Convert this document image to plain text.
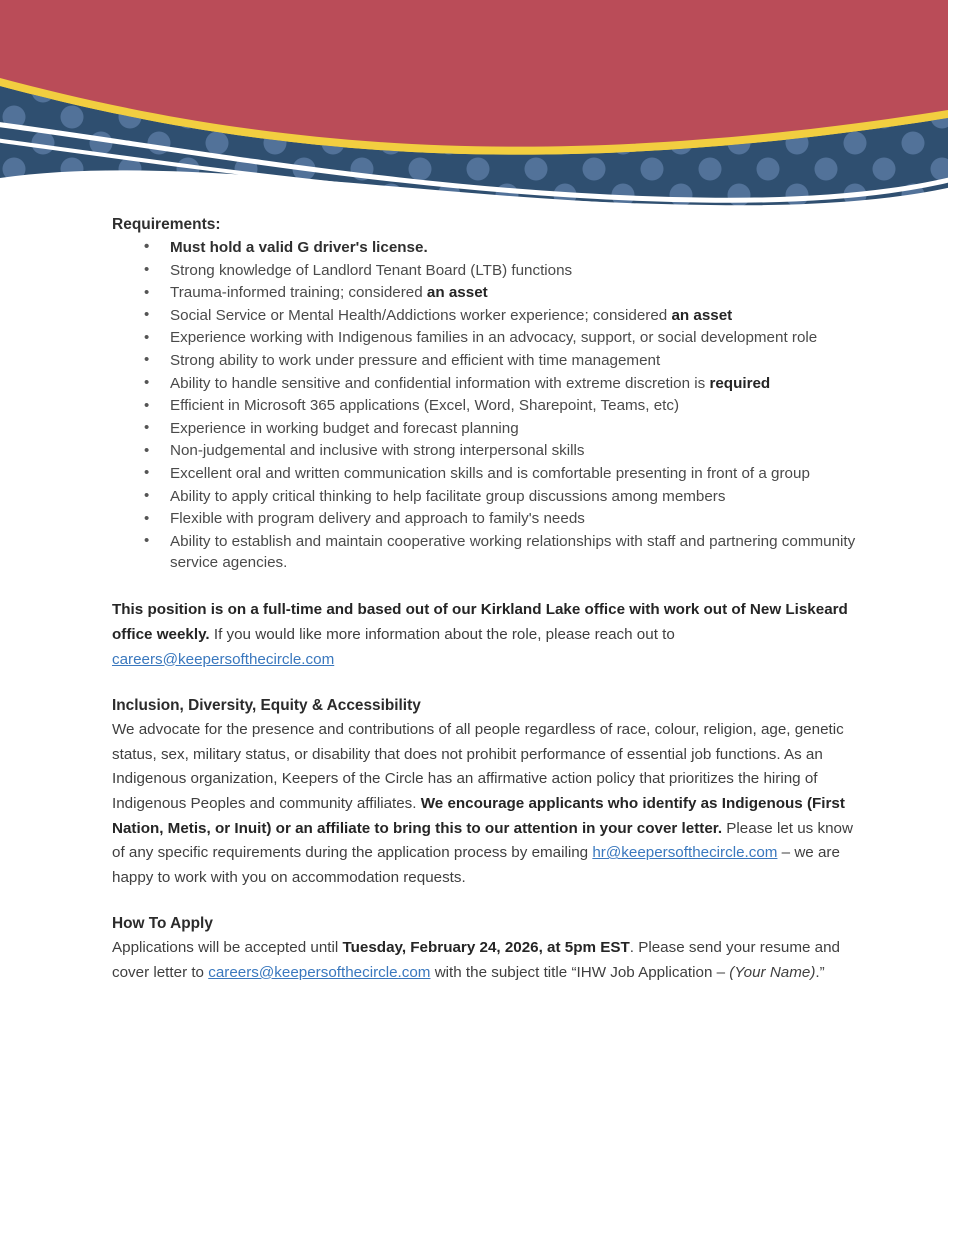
Requirements:
• Must hold a valid G driver's license.
• Strong knowledge of Landlord Tenant Board (LTB) functions
• Trauma-informed training; considered an asset
• Social Service or Mental Health/Addictions worker experience; considered an asset
• Experience working with Indigenous families in an advocacy, support, or social development role
• Strong ability to work under pressure and efficient with time management
• Ability to handle sensitive and confidential information with extreme discretion is required
• Efficient in Microsoft 365 applications (Excel, Word, Sharepoint, Teams, etc)
• Experience in working budget and forecast planning
• Non-judgemental and inclusive with strong interpersonal skills
• Excellent oral and written communication skills and is comfortable presenting in front of a group
• Ability to apply critical thinking to help facilitate group discussions among members
• Flexible with program delivery and approach to family's needs
• Ability to establish and maintain cooperative working relationships with staff and partnering community service agencies.

This position is on a full-time and based out of our Kirkland Lake office with work out of New Liskeard office weekly. If you would like more information about the role, please reach out to careers@keepersofthecircle.com

Inclusion, Diversity, Equity & Accessibility

We advocate for the presence and contributions of all people regardless of race, colour, religion, age, genetic status, sex, military status, or disability that does not prohibit performance of essential job functions. As an Indigenous organization, Keepers of the Circle has an affirmative action policy that prioritizes the hiring of Indigenous Peoples and community affiliates. We encourage applicants who identify as Indigenous (First Nation, Metis, or Inuit) or an affiliate to bring this to our attention in your cover letter. Please let us know of any specific requirements during the application process by emailing hr@keepersofthecircle.com – we are happy to work with you on accommodation requests.

How To Apply

Applications will be accepted until Tuesday, February 24, 2026, at 5pm EST. Please send your resume and cover letter to careers@keepersofthecircle.com with the subject title “IHW Job Application – (Your Name).”
